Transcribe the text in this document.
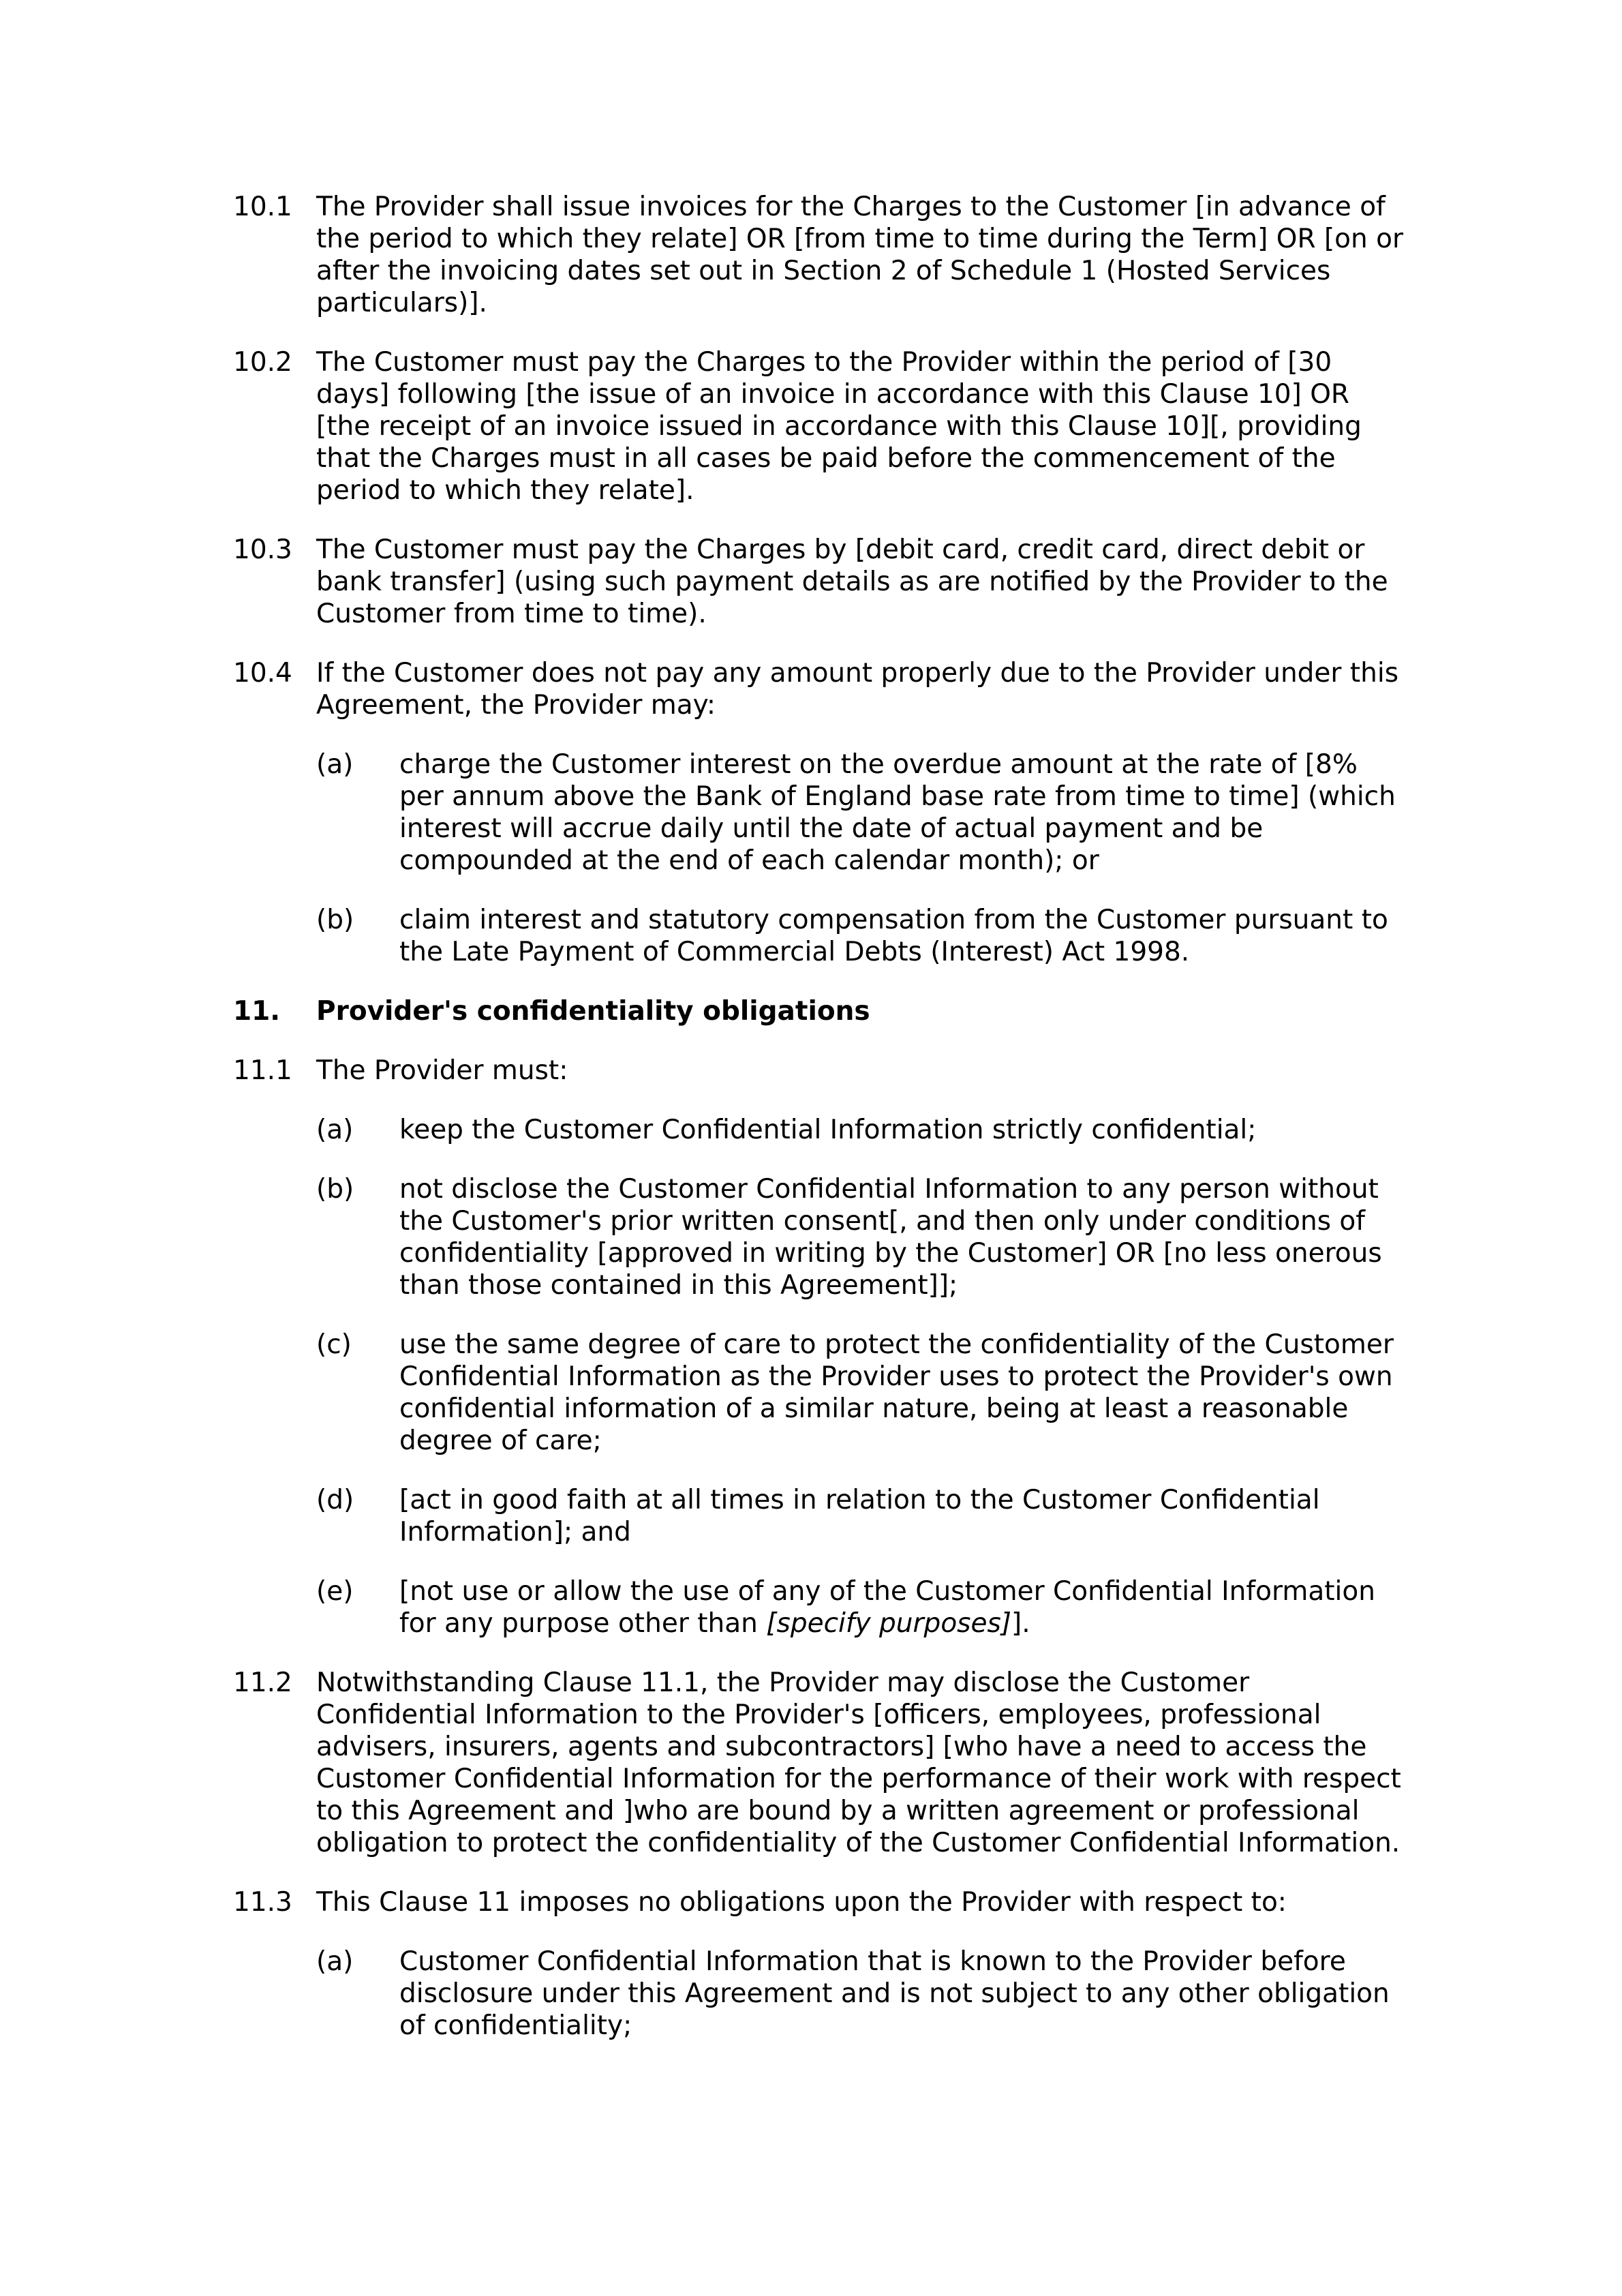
10.1 The Provider shall issue invoices for the Charges to the Customer [in advance of the period to which they relate] OR [from time to time during the Term] OR [on or after the invoicing dates set out in Section 2 of Schedule 1 (Hosted Services particulars)].
10.2 The Customer must pay the Charges to the Provider within the period of [30 days] following [the issue of an invoice in accordance with this Clause 10] OR [the receipt of an invoice issued in accordance with this Clause 10][, providing that the Charges must in all cases be paid before the commencement of the period to which they relate].
10.3 The Customer must pay the Charges by [debit card, credit card, direct debit or bank transfer] (using such payment details as are notified by the Provider to the Customer from time to time).
10.4 If the Customer does not pay any amount properly due to the Provider under this Agreement, the Provider may:
(a)	charge the Customer interest on the overdue amount at the rate of [8% per annum above the Bank of England base rate from time to time] (which interest will accrue daily until the date of actual payment and be compounded at the end of each calendar month); or
(b)	claim interest and statutory compensation from the Customer pursuant to the Late Payment of Commercial Debts (Interest) Act 1998.
11.	Provider's confidentiality obligations
11.1 The Provider must:
(a)	keep the Customer Confidential Information strictly confidential;
(b)	not disclose the Customer Confidential Information to any person without the Customer's prior written consent[, and then only under conditions of confidentiality [approved in writing by the Customer] OR [no less onerous than those contained in this Agreement]];
(c)	use the same degree of care to protect the confidentiality of the Customer Confidential Information as the Provider uses to protect the Provider's own confidential information of a similar nature, being at least a reasonable degree of care;
(d)	[act in good faith at all times in relation to the Customer Confidential Information]; and
(e)	[not use or allow the use of any of the Customer Confidential Information for any purpose other than [specify purposes]].
11.2 Notwithstanding Clause 11.1, the Provider may disclose the Customer Confidential Information to the Provider's [officers, employees, professional advisers, insurers, agents and subcontractors] [who have a need to access the Customer Confidential Information for the performance of their work with respect to this Agreement and ]who are bound by a written agreement or professional obligation to protect the confidentiality of the Customer Confidential Information.
11.3 This Clause 11 imposes no obligations upon the Provider with respect to:
(a)	Customer Confidential Information that is known to the Provider before disclosure under this Agreement and is not subject to any other obligation of confidentiality;
